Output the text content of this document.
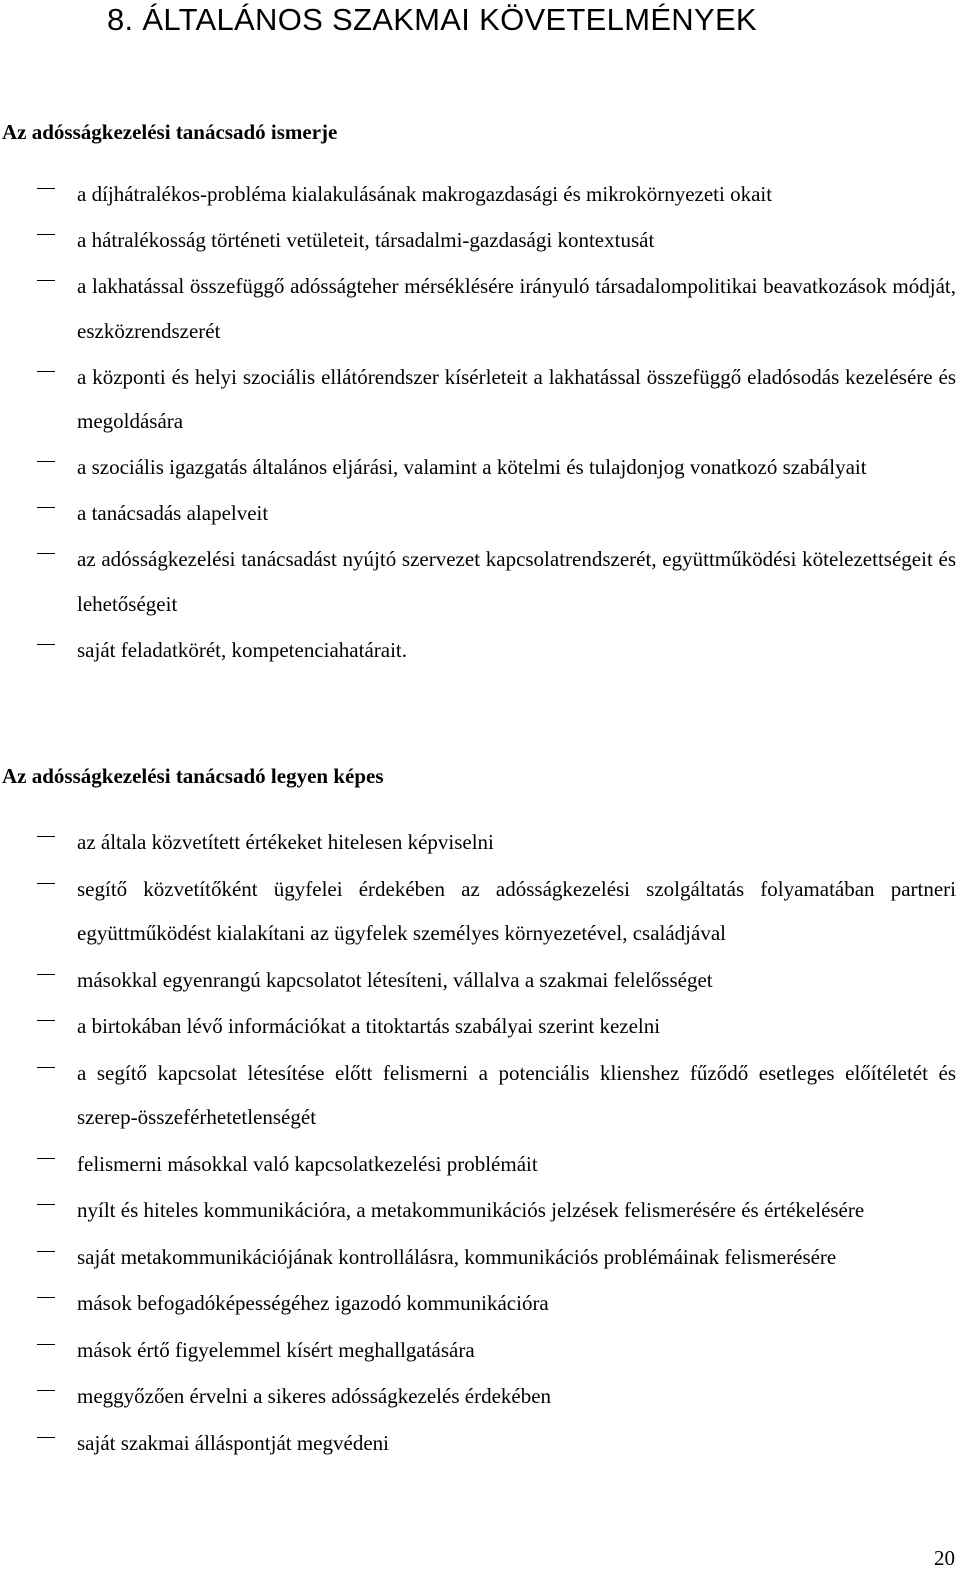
8. ÁLTALÁNOS SZAKMAI KÖVETELMÉNYEK
Az adósságkezelési tanácsadó ismerje
a díjhátralékos-probléma kialakulásának makrogazdasági és mikrokörnyezeti okait
a hátralékosság történeti vetületeit, társadalmi-gazdasági kontextusát
a lakhatással összefüggő adósságteher mérséklésére irányuló társadalompolitikai beavatkozások módját, eszközrendszerét
a központi és helyi szociális ellátórendszer kísérleteit a lakhatással összefüggő eladósodás kezelésére és megoldására
a szociális igazgatás általános eljárási, valamint a kötelmi és tulajdonjog vonatkozó szabályait
a tanácsadás alapelveit
az adósságkezelési tanácsadást nyújtó szervezet kapcsolatrendszerét, együttműködési kötelezettségeit és lehetőségeit
saját feladatkörét, kompetenciahatárait.
Az adósságkezelési tanácsadó legyen képes
az általa közvetített értékeket hitelesen képviselni
segítő közvetítőként ügyfelei érdekében az adósságkezelési szolgáltatás folyamatában partneri együttműködést kialakítani az ügyfelek személyes környezetével, családjával
másokkal egyenrangú kapcsolatot létesíteni, vállalva a szakmai felelősséget
a birtokában lévő információkat a titoktartás szabályai szerint kezelni
a segítő kapcsolat létesítése előtt felismerni a potenciális klienshez fűződő esetleges előítéletét és szerep-összeférhetetlenségét
felismerni másokkal való kapcsolatkezelési problémáit
nyílt és hiteles kommunikációra, a metakommunikációs jelzések felismerésére és értékelésére
saját metakommunikációjának kontrollálásra, kommunikációs problémáinak felismerésére
mások befogadóképességéhez igazodó kommunikációra
mások értő figyelemmel kísért meghallgatására
meggyőzően érvelni a sikeres adósságkezelés érdekében
saját szakmai álláspontját megvédeni
20
